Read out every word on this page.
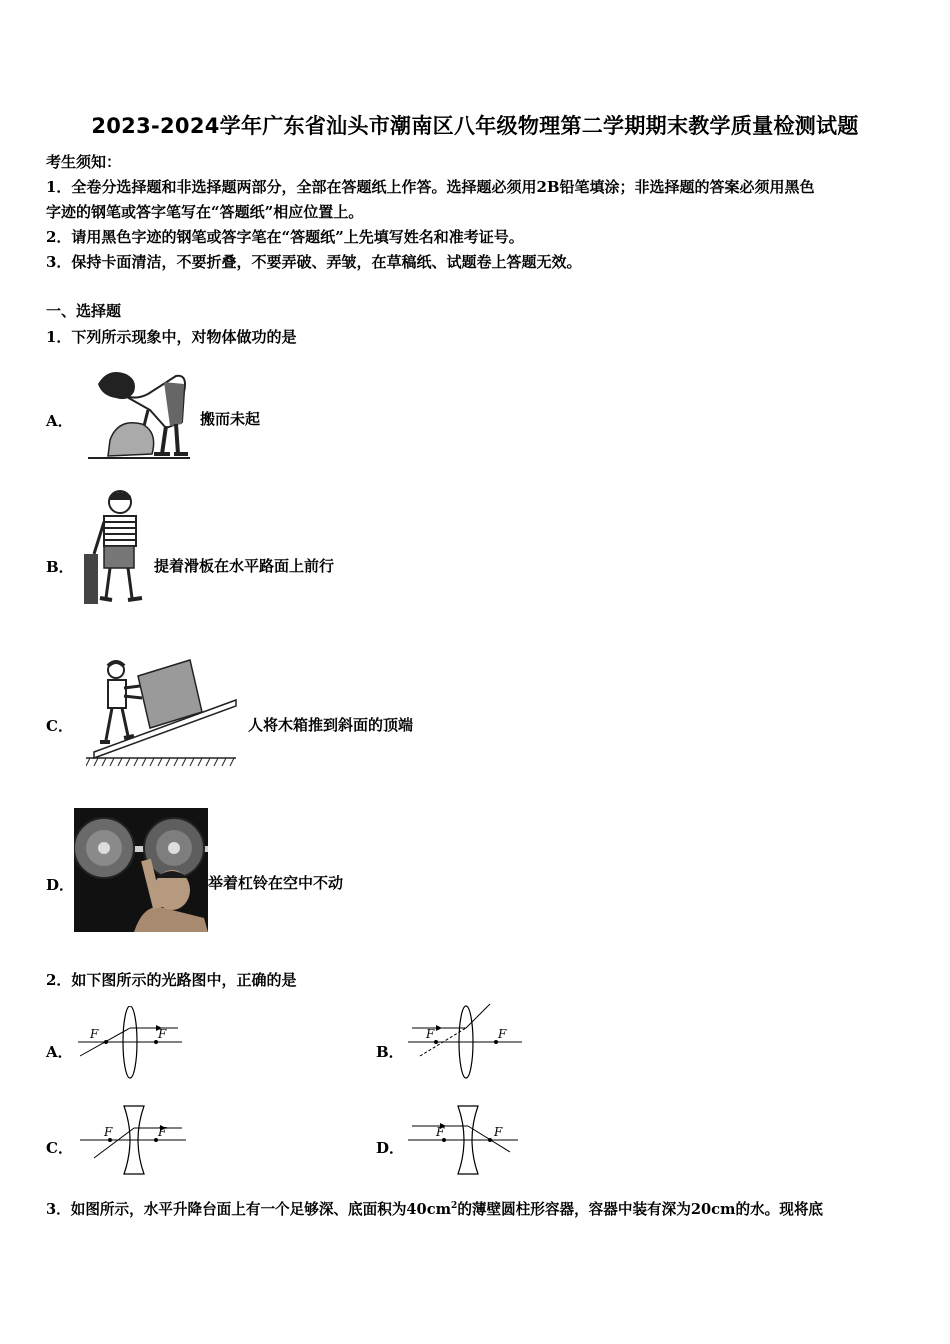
2023-2024学年广东省汕头市潮南区八年级物理第二学期期末教学质量检测试题
考生须知：
1．全卷分选择题和非选择题两部分，全部在答题纸上作答。选择题必须用2B铅笔填涂；非选择题的答案必须用黑色
字迹的钢笔或答字笔写在“答题纸”相应位置上。
2．请用黑色字迹的钢笔或答字笔在“答题纸”上先填写姓名和准考证号。
3．保持卡面清洁，不要折叠，不要弄破、弄皱，在草稿纸、试题卷上答题无效。
一、选择题
1．下列所示现象中，对物体做功的是
A．	搬而未起
B．	提着滑板在水平路面上前行
C．	人将木箱推到斜面的顶端
D．	举着杠铃在空中不动
2．如下图所示的光路图中，正确的是
A．
F	F
B．
F	F
C．
F	F
D．
F	F
3．如图所示，水平升降台面上有一个足够深、底面积为$40cm^2$的薄壁圆柱形容器，容器中装有深为20cm的水。现将底
